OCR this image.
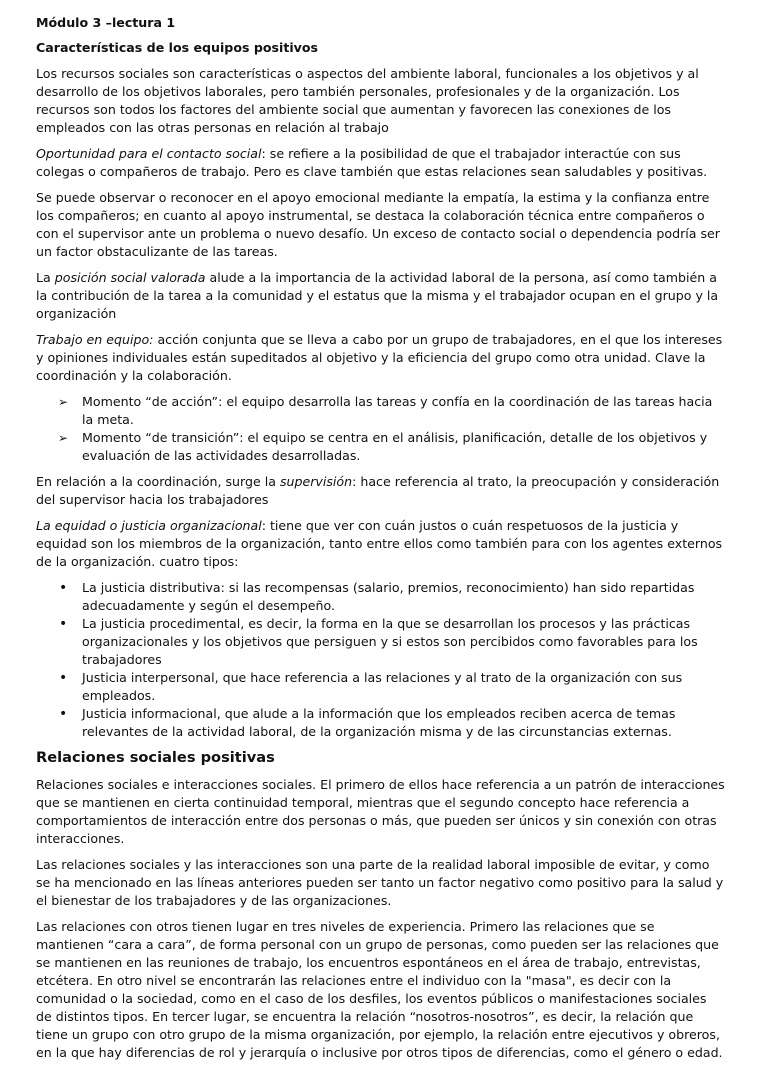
Módulo 3 –lectura 1
Características de los equipos positivos

Los recursos sociales son características o aspectos del ambiente laboral, funcionales a los objetivos y al desarrollo de los objetivos laborales, pero también personales, profesionales y de la organización. Los recursos son todos los factores del ambiente social que aumentan y favorecen las conexiones de los empleados con las otras personas en relación al trabajo

Oportunidad para el contacto social: se refiere a la posibilidad de que el trabajador interactúe con sus colegas o compañeros de trabajo. Pero es clave también que estas relaciones sean saludables y positivas.

Se puede observar o reconocer en el apoyo emocional mediante la empatía, la estima y la confianza entre los compañeros; en cuanto al apoyo instrumental, se destaca la colaboración técnica entre compañeros o con el supervisor ante un problema o nuevo desafío. Un exceso de contacto social o dependencia podría ser un factor obstaculizante de las tareas.

La posición social valorada alude a la importancia de la actividad laboral de la persona, así como también a la contribución de la tarea a la comunidad y el estatus que la misma y el trabajador ocupan en el grupo y la organización

Trabajo en equipo: acción conjunta que se lleva a cabo por un grupo de trabajadores, en el que los intereses y opiniones individuales están supeditados al objetivo y la eficiencia del grupo como otra unidad. Clave la coordinación y la colaboración.

➢ Momento “de acción”: el equipo desarrolla las tareas y confía en la coordinación de las tareas hacia la meta.
➢ Momento “de transición”: el equipo se centra en el análisis, planificación, detalle de los objetivos y evaluación de las actividades desarrolladas.

En relación a la coordinación, surge la supervisión: hace referencia al trato, la preocupación y consideración del supervisor hacia los trabajadores

La equidad o justicia organizacional: tiene que ver con cuán justos o cuán respetuosos de la justicia y equidad son los miembros de la organización, tanto entre ellos como también para con los agentes externos de la organización. cuatro tipos:

• La justicia distributiva: si las recompensas (salario, premios, reconocimiento) han sido repartidas adecuadamente y según el desempeño.
• La justicia procedimental, es decir, la forma en la que se desarrollan los procesos y las prácticas organizacionales y los objetivos que persiguen y si estos son percibidos como favorables para los trabajadores
• Justicia interpersonal, que hace referencia a las relaciones y al trato de la organización con sus empleados.
• Justicia informacional, que alude a la información que los empleados reciben acerca de temas relevantes de la actividad laboral, de la organización misma y de las circunstancias externas.
Relaciones sociales positivas

Relaciones sociales e interacciones sociales. El primero de ellos hace referencia a un patrón de interacciones que se mantienen en cierta continuidad temporal, mientras que el segundo concepto hace referencia a comportamientos de interacción entre dos personas o más, que pueden ser únicos y sin conexión con otras interacciones.

Las relaciones sociales y las interacciones son una parte de la realidad laboral imposible de evitar, y como se ha mencionado en las líneas anteriores pueden ser tanto un factor negativo como positivo para la salud y el bienestar de los trabajadores y de las organizaciones.

Las relaciones con otros tienen lugar en tres niveles de experiencia. Primero las relaciones que se mantienen “cara a cara”, de forma personal con un grupo de personas, como pueden ser las relaciones que se mantienen en las reuniones de trabajo, los encuentros espontáneos en el área de trabajo, entrevistas, etcétera. En otro nivel se encontrarán las relaciones entre el individuo con la "masa", es decir con la comunidad o la sociedad, como en el caso de los desfiles, los eventos públicos o manifestaciones sociales de distintos tipos. En tercer lugar, se encuentra la relación “nosotros-nosotros”, es decir, la relación que tiene un grupo con otro grupo de la misma organización, por ejemplo, la relación entre ejecutivos y obreros, en la que hay diferencias de rol y jerarquía o inclusive por otros tipos de diferencias, como el género o edad.
